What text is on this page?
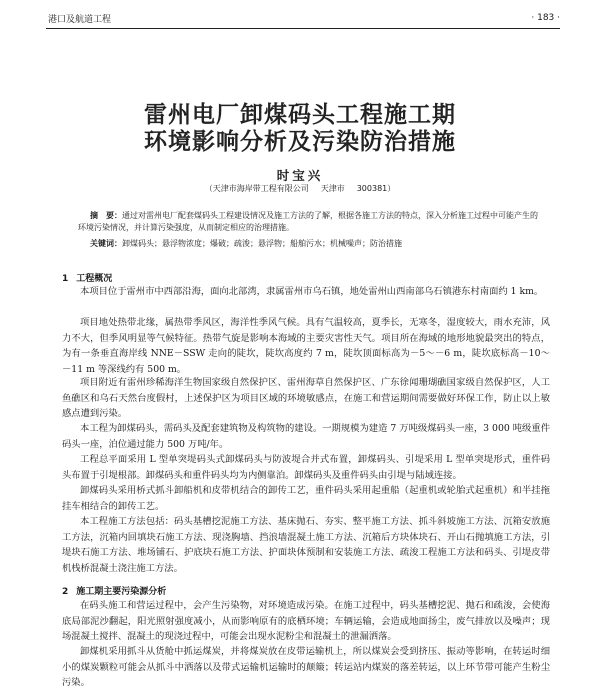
港口及航道工程	· 183 ·
雷州电厂卸煤码头工程施工期
环境影响分析及污染防治措施
时宝兴
（天津市海岸带工程有限公司 天津市 300381）
摘　要：通过对雷州电厂配套煤码头工程建设情况及施工方法的了解，根据各施工方法的特点，深入分析施工过程中可能产生的环境污染情况，并计算污染强度，从而制定相应的治理措施。
关键词：卸煤码头；悬浮物浓度；爆破；疏浚；悬浮物；船舶污水；机械噪声；防治措施
1 工程概况
本项目位于雷州市中西部沿海，面向北部湾，隶属雷州市乌石镇，地处雷州山西南部乌石镇港东村南面约 1 km。
项目地处热带北缘，属热带季风区，海洋性季风气候。具有气温较高，夏季长，无寒冬，湿度较大，雨水充沛，风力不大，但季风明显等气候特征。热带气旋是影响本海域的主要灾害性天气。项目所在海域的地形地貌最突出的特点，为有一条垂直海岸线 NNE－SSW 走向的陡坎，陡坎高度约 7 m，陡坎顶面标高为－5～－6 m，陡坎底标高－10～－11 m 等深线约有 500 m。
项目附近有雷州珍稀海洋生物国家级自然保护区、雷州海草自然保护区、广东徐闻珊瑚礁国家级自然保护区，人工鱼礁区和乌石天然台度假村，上述保护区为项目区域的环境敏感点，在施工和营运期间需要做好环保工作，防止以上敏感点遭到污染。
本工程为卸煤码头，需码头及配套建筑物及构筑物的建设。一期规模为建造 7 万吨级煤码头一座，3 000 吨级重件码头一座，泊位通过能力 500 万吨/年。
工程总平面采用 L 型单突堤码头式卸煤码头与防波堤合并式布置，卸煤码头、引堤采用 L 型单突堤形式，重件码头布置于引堤根部。卸煤码头和重件码头均为内侧靠泊。卸煤码头及重件码头由引堤与陆域连接。
卸煤码头采用桥式抓斗卸船机和皮带机结合的卸传工艺，重件码头采用起重船（起重机或轮胎式起重机）和半挂拖挂车相结合的卸传工艺。
本工程施工方法包括：码头基槽挖泥施工方法、基床抛石、夯实、整平施工方法、抓斗斜坡施工方法、沉箱安放施工方法，沉箱内回填块石施工方法、现浇胸墙、挡浪墙混凝土施工方法、沉箱后方块体块石、开山石抛填施工方法，引堤块石施工方法、堆场铺石、护底块石施工方法、护面块体预制和安装施工方法、疏浚工程施工方法和码头、引堤皮带机栈桥混凝土浇注施工方法。
2 施工期主要污染源分析
在码头施工和营运过程中，会产生污染物，对环境造成污染。在施工过程中，码头基槽挖泥、抛石和疏浚，会使海底局部泥沙翻起，阳光照射强度减小，从而影响原有的底栖环境；车辆运输，会造成地面扬尘，废气排放以及噪声；现场混凝土搅拌、混凝土的现浇过程中，可能会出现水泥粉尘和混凝土的泄漏洒落。
卸煤机采用抓斗从货舱中抓运煤炭，并将煤炭放在皮带运输机上，所以煤炭会受到挤压、振动等影响，在转运时细小的煤炭颗粒可能会从抓斗中洒落以及带式运输机运输时的颠簸；转运站内煤炭的落差转运，以上环节带可能产生粉尘污染。
